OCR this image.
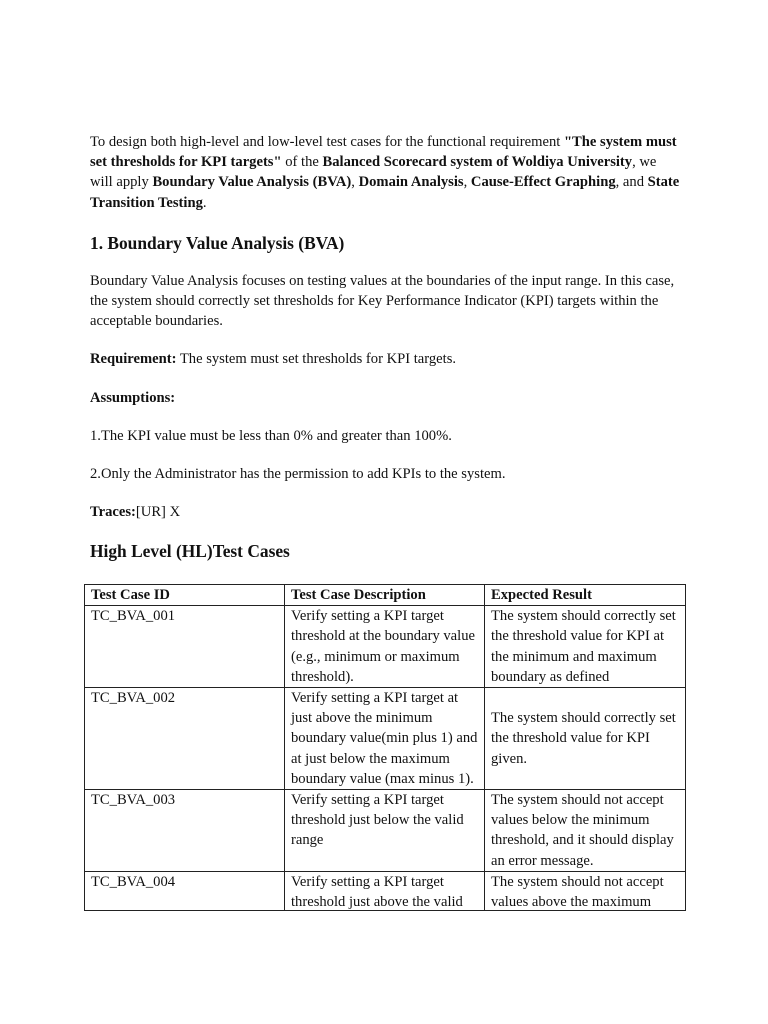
To design both high-level and low-level test cases for the functional requirement "The system must set thresholds for KPI targets" of the Balanced Scorecard system of Woldiya University, we will apply Boundary Value Analysis (BVA), Domain Analysis, Cause-Effect Graphing, and State Transition Testing.

1. Boundary Value Analysis (BVA)

Boundary Value Analysis focuses on testing values at the boundaries of the input range. In this case, the system should correctly set thresholds for Key Performance Indicator (KPI) targets within the acceptable boundaries.

Requirement: The system must set thresholds for KPI targets.

Assumptions:

1.The KPI value must be less than 0% and greater than 100%.

2.Only the Administrator has the permission to add KPIs to the system.

Traces:[UR] X

High Level (HL)Test Cases
Test Case ID	Test Case Description	Expected Result
TC_BVA_001	Verify setting a KPI target threshold at the boundary value (e.g., minimum or maximum threshold).	The system should correctly set the threshold value for KPI at the minimum and maximum boundary as defined
TC_BVA_002	Verify setting a KPI target at just above the minimum boundary value(min plus 1) and at just below the maximum boundary value (max minus 1).	The system should correctly set the threshold value for KPI given.
TC_BVA_003	Verify setting a KPI target threshold just below the valid range	The system should not accept values below the minimum threshold, and it should display an error message.

TC_BVA_004	Verify setting a KPI target threshold just above the valid	The system should not accept values above the maximum
